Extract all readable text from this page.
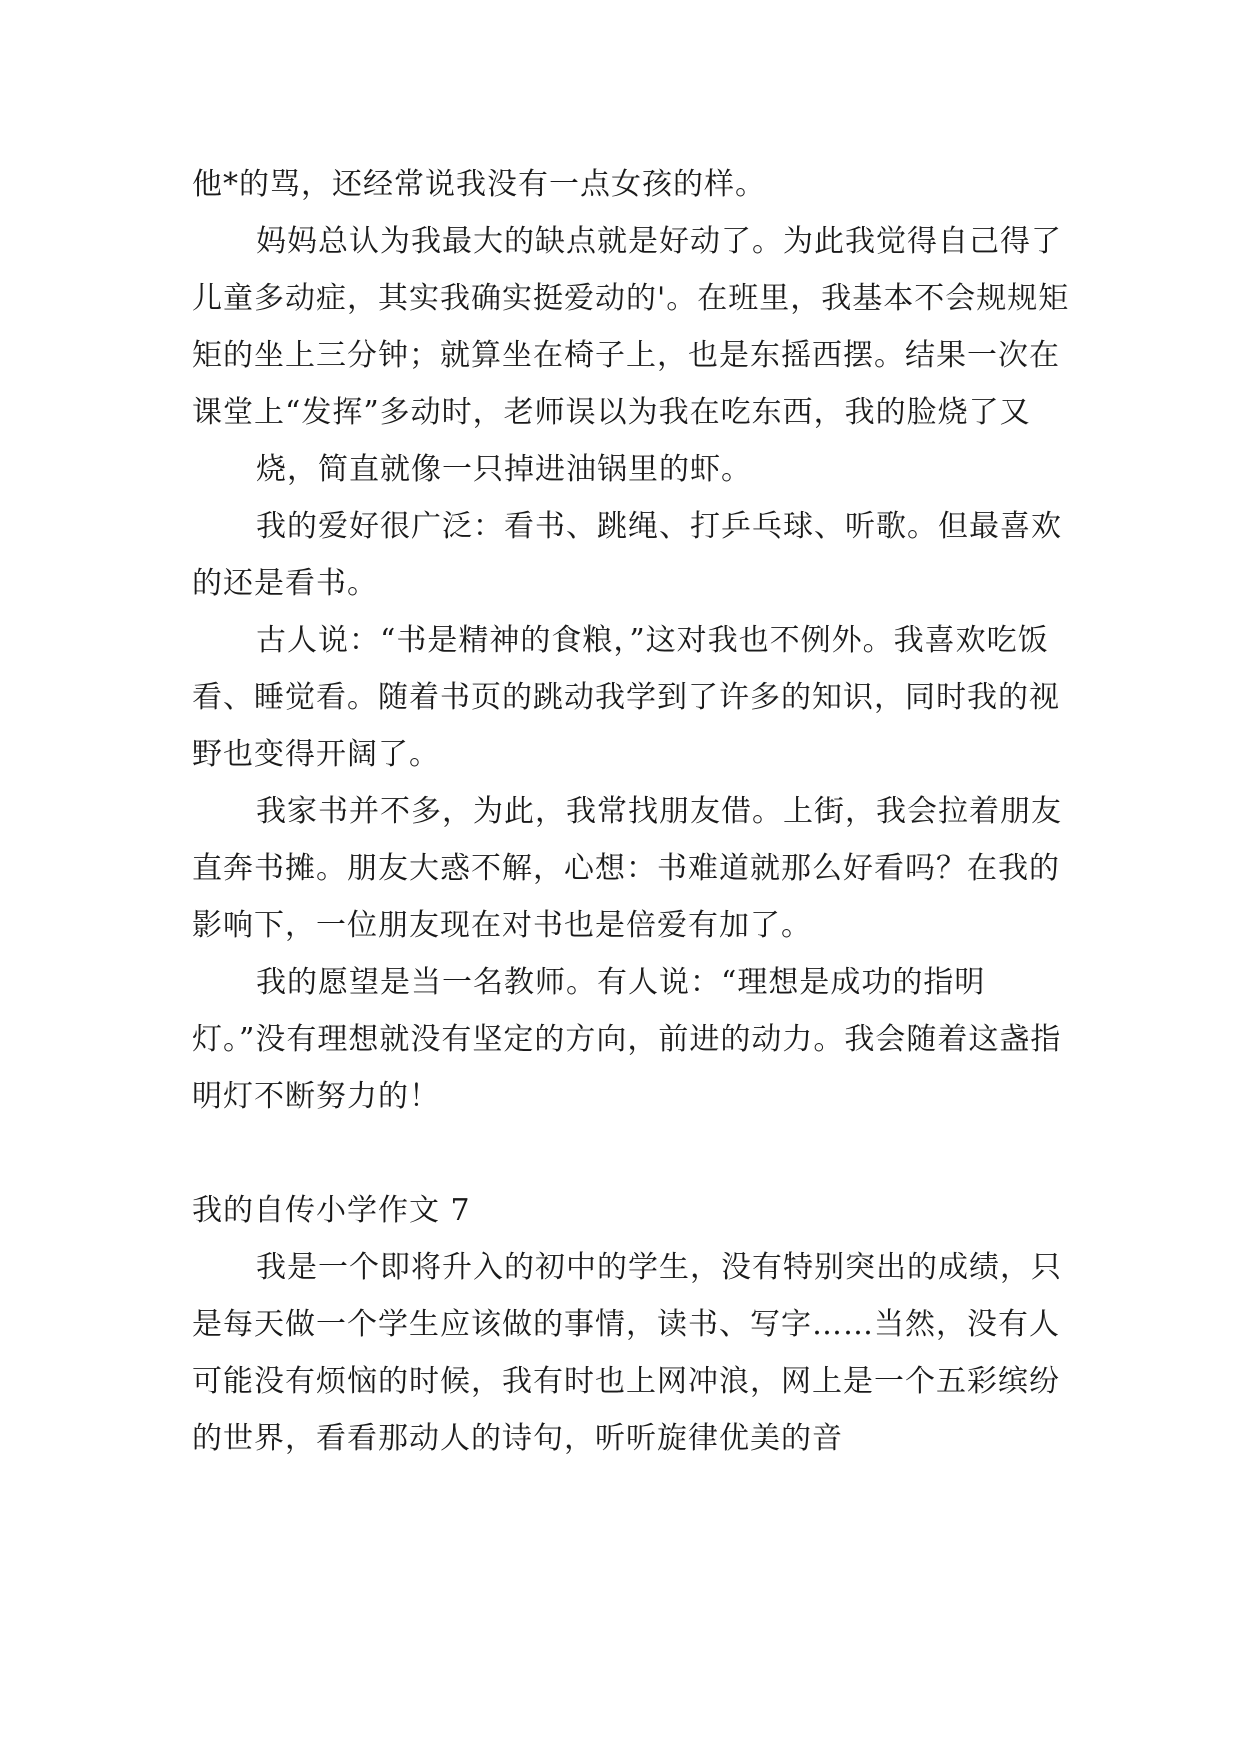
他*的骂，还经常说我没有一点女孩的样。

妈妈总认为我最大的缺点就是好动了。为此我觉得自己得了儿童多动症，其实我确实挺爱动的'。在班里，我基本不会规规矩矩的坐上三分钟；就算坐在椅子上，也是东摇西摆。结果一次在课堂上“发挥”多动时，老师误以为我在吃东西，我的脸烧了又

烧，简直就像一只掉进油锅里的虾。

我的爱好很广泛：看书、跳绳、打乒乓球、听歌。但最喜欢的还是看书。

古人说：“书是精神的食粮，”这对我也不例外。我喜欢吃饭看、睡觉看。随着书页的跳动我学到了许多的知识，同时我的视野也变得开阔了。

我家书并不多，为此，我常找朋友借。上街，我会拉着朋友直奔书摊。朋友大惑不解，心想：书难道就那么好看吗？在我的影响下，一位朋友现在对书也是倍爱有加了。

我的愿望是当一名教师。有人说：“理想是成功的指明灯。”没有理想就没有坚定的方向，前进的动力。我会随着这盏指明灯不断努力的！

我的自传小学作文 7

我是一个即将升入的初中的学生，没有特别突出的成绩，只是每天做一个学生应该做的事情，读书、写字……当然，没有人可能没有烦恼的时候，我有时也上网冲浪，网上是一个五彩缤纷的世界，看看那动人的诗句，听听旋律优美的音
